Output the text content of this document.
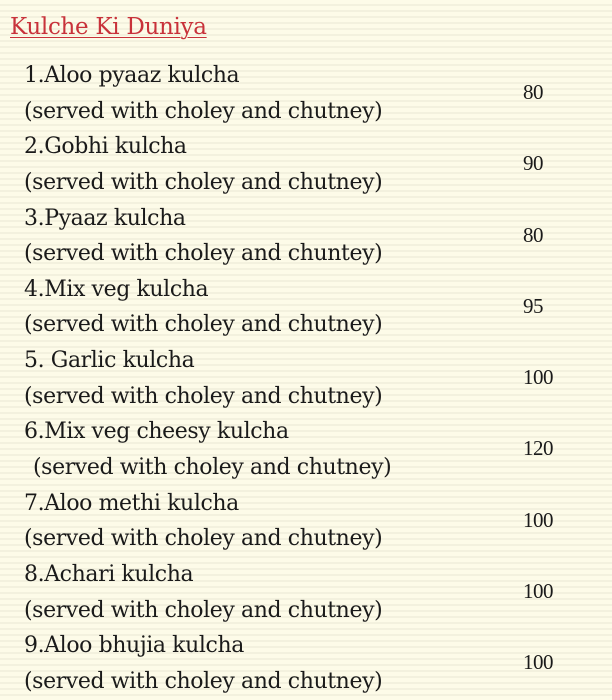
Kulche Ki Duniya
1.Aloo pyaaz kulcha
(served with choley and chutney)
80
2.Gobhi kulcha
(served with choley and chutney)
90
3.Pyaaz kulcha
(served with choley and chuntey)
80
4.Mix veg kulcha
(served with choley and chutney)
95
5. Garlic kulcha
(served with choley and chutney)
100
6.Mix veg cheesy kulcha
(served with choley and chutney)
120
7.Aloo methi kulcha
(served with choley and chutney)
100
8.Achari kulcha
(served with choley and chutney)
100
9.Aloo bhujia kulcha
(served with choley and chutney)
100
